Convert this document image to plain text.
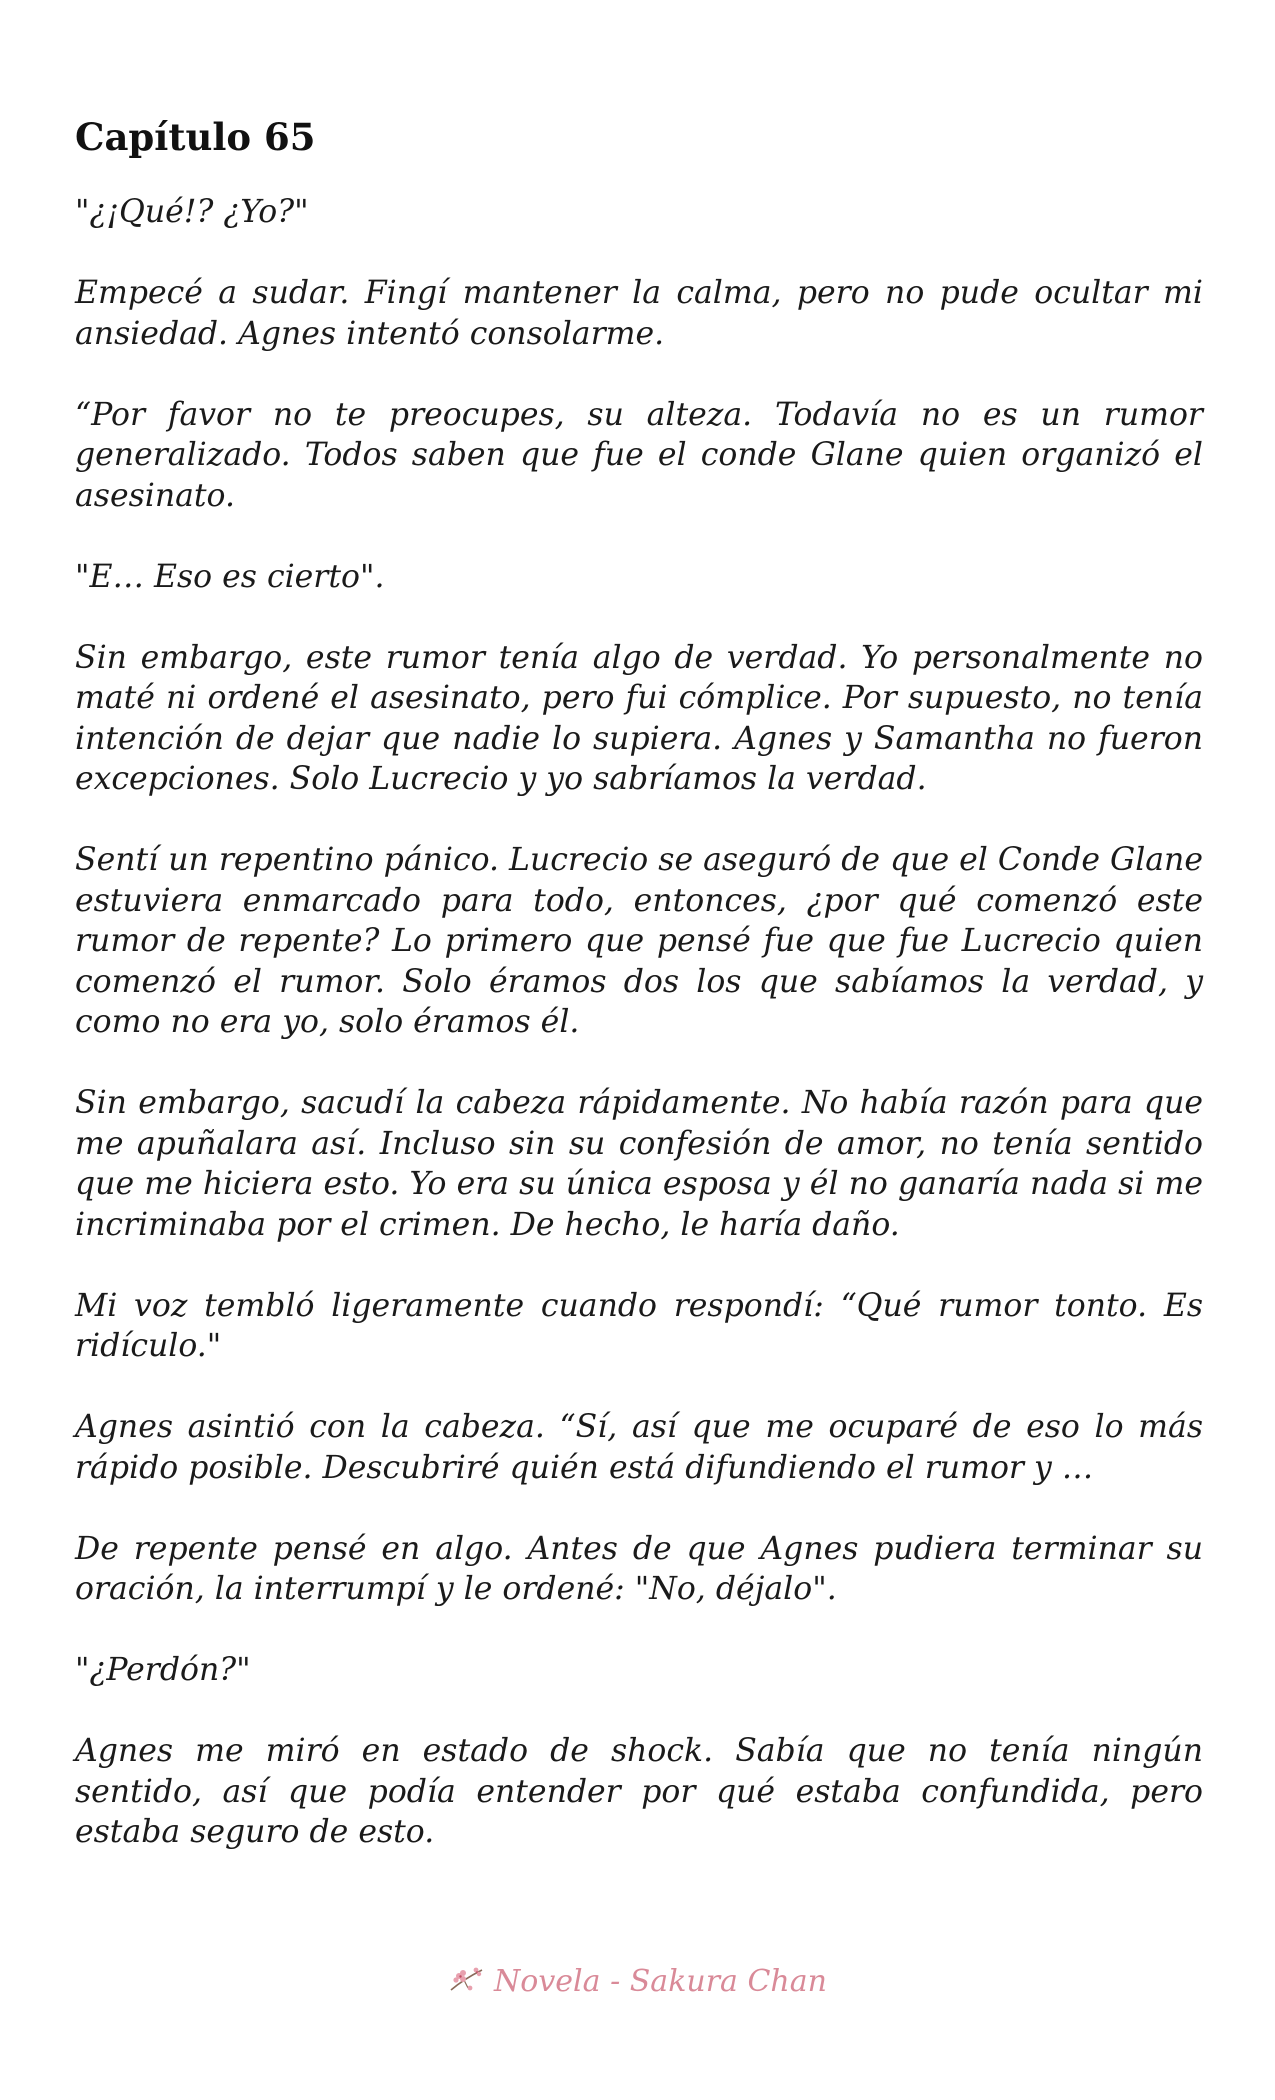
Capítulo 65

"¿¡Qué!? ¿Yo?"

Empecé a sudar. Fingí mantener la calma, pero no pude ocultar mi ansiedad. Agnes intentó consolarme.

“Por favor no te preocupes, su alteza. Todavía no es un rumor generalizado. Todos saben que fue el conde Glane quien organizó el asesinato.

"E… Eso es cierto".

Sin embargo, este rumor tenía algo de verdad. Yo personalmente no maté ni ordené el asesinato, pero fui cómplice. Por supuesto, no tenía intención de dejar que nadie lo supiera. Agnes y Samantha no fueron excepciones. Solo Lucrecio y yo sabríamos la verdad.

Sentí un repentino pánico. Lucrecio se aseguró de que el Conde Glane estuviera enmarcado para todo, entonces, ¿por qué comenzó este rumor de repente? Lo primero que pensé fue que fue Lucrecio quien comenzó el rumor. Solo éramos dos los que sabíamos la verdad, y como no era yo, solo éramos él.

Sin embargo, sacudí la cabeza rápidamente. No había razón para que me apuñalara así. Incluso sin su confesión de amor, no tenía sentido que me hiciera esto. Yo era su única esposa y él no ganaría nada si me incriminaba por el crimen. De hecho, le haría daño.

Mi voz tembló ligeramente cuando respondí: “Qué rumor tonto. Es ridículo."

Agnes asintió con la cabeza. “Sí, así que me ocuparé de eso lo más rápido posible. Descubriré quién está difundiendo el rumor y …

De repente pensé en algo. Antes de que Agnes pudiera terminar su oración, la interrumpí y le ordené: "No, déjalo".

"¿Perdón?"

Agnes me miró en estado de shock. Sabía que no tenía ningún sentido, así que podía entender por qué estaba confundida, pero estaba seguro de esto.

Novela - Sakura Chan
